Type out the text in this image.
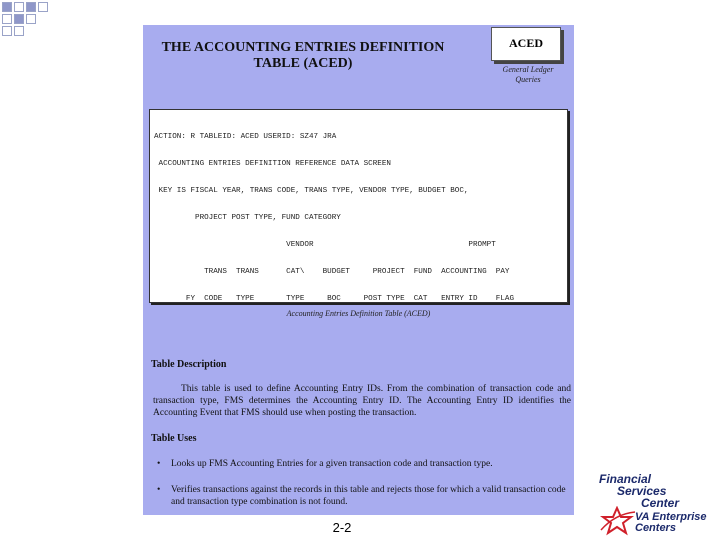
THE ACCOUNTING ENTRIES DEFINITION
TABLE (ACED)
ACED
General Ledger
Queries

ACTION: R TABLEID: ACED USERID: SZ47 JRA

ACCOUNTING ENTRIES DEFINITION REFERENCE DATA SCREEN

KEY IS FISCAL YEAR, TRANS CODE, TRANS TYPE, VENDOR TYPE, BUDGET BOC,

PROJECT POST TYPE, FUND CATEGORY

VENDOR                                  PROMPT

TRANS  TRANS      CAT\    BUDGET     PROJECT  FUND  ACCOUNTING  PAY

FY  CODE   TYPE       TYPE     BOC     POST TYPE  CAT   ENTRY ID    FLAG

Accounting Entries Definition Table (ACED)
Table Description
This table is used to define Accounting Entry IDs. From the combination of transaction code and transaction type, FMS determines the Accounting Entry ID. The Accounting Entry ID identifies the Accounting Event that FMS should use when posting the transaction.
Table Uses
• Looks up FMS Accounting Entries for a given transaction code and transaction type.
• Verifies transactions against the records in this table and rejects those for which a valid transaction code and transaction type combination is not found.
2-2
Financial
Services
Center
VA Enterprise
Centers
